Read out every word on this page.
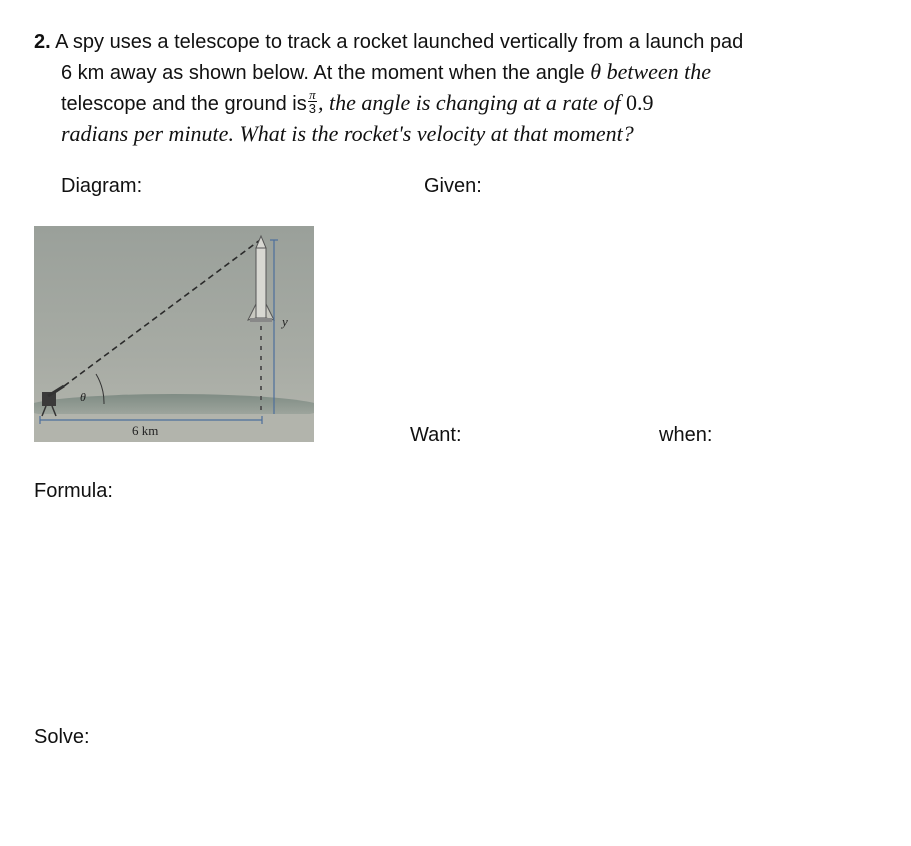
2. A spy uses a telescope to track a rocket launched vertically from a launch pad
6 km away as shown below. At the moment when the angle θ between the
telescope and the ground is $\frac{\pi}{3}$ , the angle is changing at a rate of 0.9
radians per minute. What is the rocket's velocity at that moment?
Diagram:	Given:
Want:	when:
Formula:
Solve:
θ
y
6 km
